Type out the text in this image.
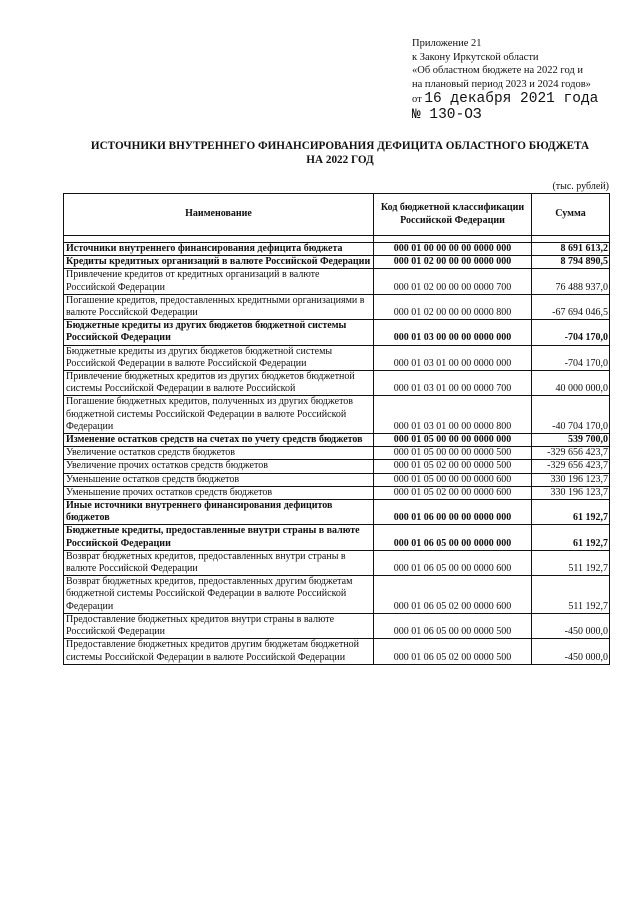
Приложение 21
к Закону Иркутской области
«Об областном бюджете на 2022 год и
на плановый период 2023 и 2024 годов»
от 16 декабря 2021 года
№ 130-ОЗ
ИСТОЧНИКИ ВНУТРЕННЕГО ФИНАНСИРОВАНИЯ ДЕФИЦИТА ОБЛАСТНОГО БЮДЖЕТА
НА 2022 ГОД
(тыс. рублей)
Наименование	Код бюджетной классификации Российской Федерации	Сумма

Источники внутреннего финансирования дефицита бюджета	000 01 00 00 00 00 0000 000	8 691 613,2
Кредиты кредитных организаций в валюте Российской Федерации	000 01 02 00 00 00 0000 000	8 794 890,5
Привлечение кредитов от кредитных организаций в валюте Российской Федерации	000 01 02 00 00 00 0000 700	76 488 937,0
Погашение кредитов, предоставленных кредитными организациями в валюте Российской Федерации	000 01 02 00 00 00 0000 800	-67 694 046,5
Бюджетные кредиты из других бюджетов бюджетной системы Российской Федерации	000 01 03 00 00 00 0000 000	-704 170,0
Бюджетные кредиты из других бюджетов бюджетной системы Российской Федерации в валюте Российской Федерации	000 01 03 01 00 00 0000 000	-704 170,0
Привлечение бюджетных кредитов из других бюджетов бюджетной системы Российской Федерации в валюте Российской	000 01 03 01 00 00 0000 700	40 000 000,0
Погашение бюджетных кредитов, полученных из других бюджетов бюджетной системы Российской Федерации в валюте Российской Федерации	000 01 03 01 00 00 0000 800	-40 704 170,0
Изменение остатков средств на счетах по учету средств бюджетов	000 01 05 00 00 00 0000 000	539 700,0
Увеличение остатков средств бюджетов	000 01 05 00 00 00 0000 500	-329 656 423,7
Увеличение прочих остатков средств бюджетов	000 01 05 02 00 00 0000 500	-329 656 423,7
Уменьшение остатков средств бюджетов	000 01 05 00 00 00 0000 600	330 196 123,7
Уменьшение прочих остатков средств бюджетов	000 01 05 02 00 00 0000 600	330 196 123,7
Иные источники внутреннего финансирования дефицитов бюджетов	000 01 06 00 00 00 0000 000	61 192,7
Бюджетные кредиты, предоставленные внутри страны в валюте Российской Федерации	000 01 06 05 00 00 0000 000	61 192,7
Возврат бюджетных кредитов, предоставленных внутри страны в валюте Российской Федерации	000 01 06 05 00 00 0000 600	511 192,7
Возврат бюджетных кредитов, предоставленных другим бюджетам бюджетной системы Российской Федерации в валюте Российской Федерации	000 01 06 05 02 00 0000 600	511 192,7
Предоставление бюджетных кредитов внутри страны в валюте Российской Федерации	000 01 06 05 00 00 0000 500	-450 000,0
Предоставление бюджетных кредитов другим бюджетам бюджетной системы Российской Федерации в валюте Российской Федерации	000 01 06 05 02 00 0000 500	-450 000,0
